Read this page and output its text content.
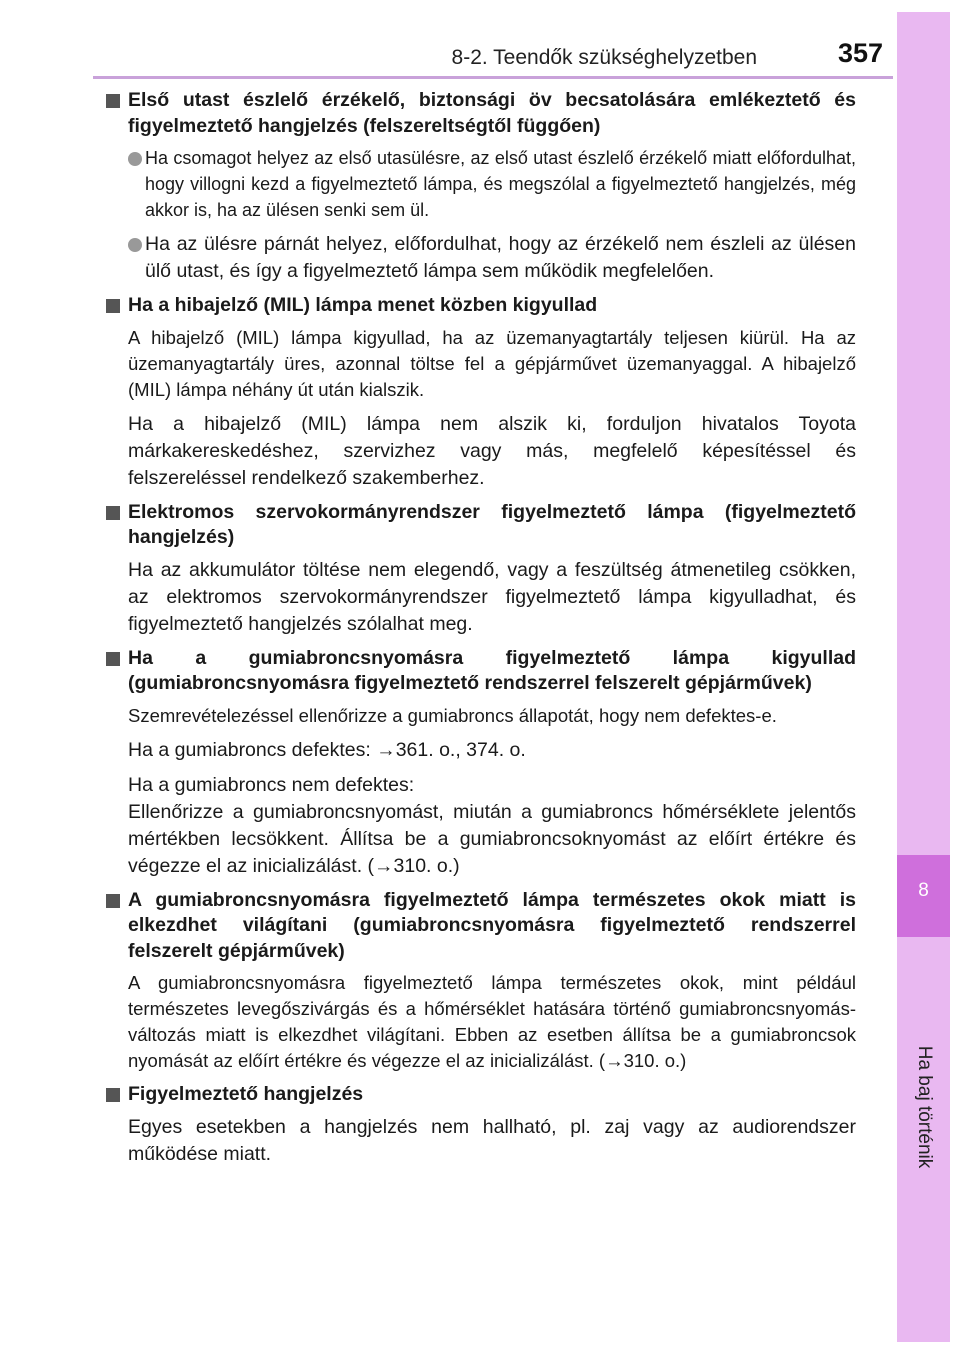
8-2. Teendők szükséghelyzetben	357
8
Ha baj történik
Első utast észlelő érzékelő, biztonsági öv becsatolására emlékeztető és figyelmeztető hangjelzés (felszereltségtől függően)
Ha csomagot helyez az első utasülésre, az első utast észlelő érzékelő miatt előfordulhat, hogy villogni kezd a figyelmeztető lámpa, és megszólal a figyelmeztető hangjelzés, még akkor is, ha az ülésen senki sem ül.
Ha az ülésre párnát helyez, előfordulhat, hogy az érzékelő nem észleli az ülésen ülő utast, és így a figyelmeztető lámpa sem működik megfelelően.
Ha a hibajelző (MIL) lámpa menet közben kigyullad
A hibajelző (MIL) lámpa kigyullad, ha az üzemanyagtartály teljesen kiürül. Ha az üzemanyagtartály üres, azonnal töltse fel a gépjárművet üzemanyaggal. A hibajelző (MIL) lámpa néhány út után kialszik.
Ha a hibajelző (MIL) lámpa nem alszik ki, forduljon hivatalos Toyota márkakereskedéshez, szervizhez vagy más, megfelelő képesítéssel és felszereléssel rendelkező szakemberhez.
Elektromos szervokormányrendszer figyelmeztető lámpa (figyelmeztető hangjelzés)
Ha az akkumulátor töltése nem elegendő, vagy a feszültség átmenetileg csökken, az elektromos szervokormányrendszer figyelmeztető lámpa kigyulladhat, és figyelmeztető hangjelzés szólalhat meg.
Ha a gumiabroncsnyomásra figyelmeztető lámpa kigyullad (gumiabroncsnyomásra figyelmeztető rendszerrel felszerelt gépjárművek)
Szemrevételezéssel ellenőrizze a gumiabroncs állapotát, hogy nem defektes-e.
Ha a gumiabroncs defektes: →361. o., 374. o.
Ha a gumiabroncs nem defektes:
Ellenőrizze a gumiabroncsnyomást, miután a gumiabroncs hőmérséklete jelentős mértékben lecsökkent. Állítsa be a gumiabroncsoknyomást az előírt értékre és végezze el az inicializálást. (→310. o.)
A gumiabroncsnyomásra figyelmeztető lámpa természetes okok miatt is elkezdhet világítani (gumiabroncsnyomásra figyelmeztető rendszerrel felszerelt gépjárművek)
A gumiabroncsnyomásra figyelmeztető lámpa természetes okok, mint például természetes levegőszivárgás és a hőmérséklet hatására történő gumiabroncsnyomás-változás miatt is elkezdhet világítani. Ebben az esetben állítsa be a gumiabroncsok nyomását az előírt értékre és végezze el az inicializálást. (→310. o.)
Figyelmeztető hangjelzés
Egyes esetekben a hangjelzés nem hallható, pl. zaj vagy az audiorendszer működése miatt.
